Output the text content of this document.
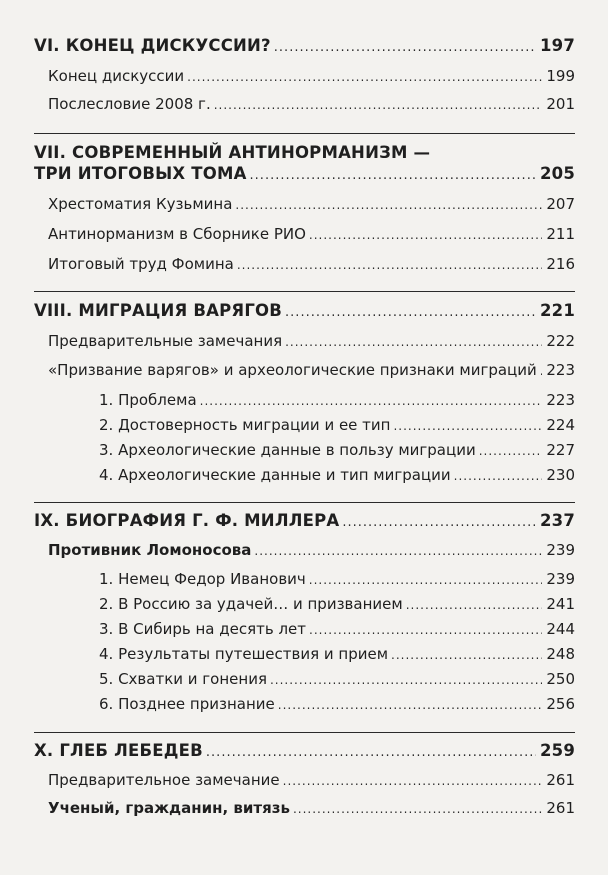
VI. КОНЕЦ ДИСКУССИИ? .....	197
Конец дискуссии .....	199
Послесловие 2008 г. .....	201
VII. СОВРЕМЕННЫЙ АНТИНОРМАНИЗМ —
ТРИ ИТОГОВЫХ ТОМА .....	205
Хрестоматия Кузьмина .....	207
Антинорманизм в Сборнике РИО .....	211
Итоговый труд Фомина .....	216
VIII. МИГРАЦИЯ ВАРЯГОВ .....	221
Предварительные замечания .....	222
«Призвание варягов» и археологические признаки миграций ..... 223
1. Проблема .....	223
2. Достоверность миграции и ее тип .....	224
3. Археологические данные в пользу миграции .....	227
4. Археологические данные и тип миграции .....	230
IX. БИОГРАФИЯ Г. Ф. МИЛЛЕРА .....	237
Противник Ломоносова .....	239
1. Немец Федор Иванович .....	239
2. В Россию за удачей… и призванием .....	241
3. В Сибирь на десять лет .....	244
4. Результаты путешествия и прием .....	248
5. Схватки и гонения .....	250
6. Позднее признание .....	256
X. ГЛЕБ ЛЕБЕДЕВ .....	259
Предварительное замечание .....	261
Ученый, гражданин, витязь .....	261
